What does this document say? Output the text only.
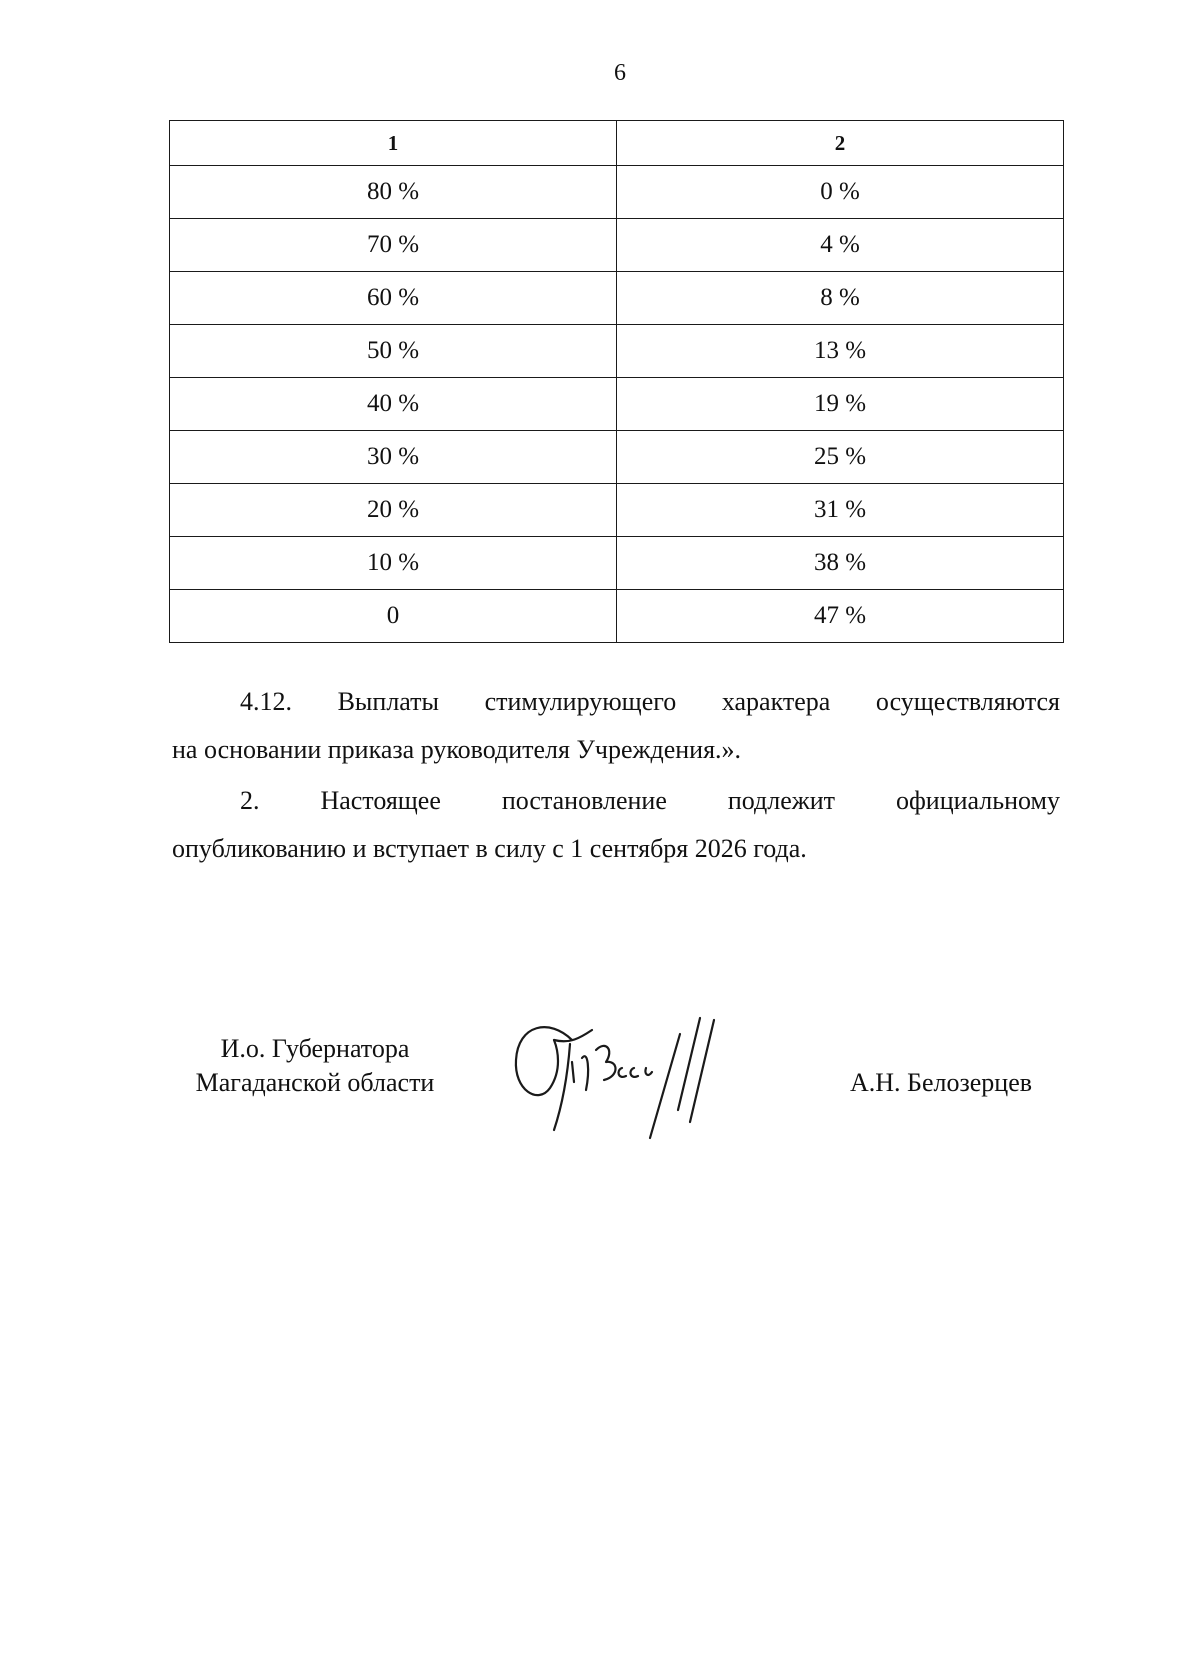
6
1	2
80 %	0 %
70 %	4 %
60 %	8 %
50 %	13 %
40 %	19 %
30 %	25 %
20 %	31 %
10 %	38 %
0	47 %
4.12. Выплаты стимулирующего характера осуществляются
на основании приказа руководителя Учреждения.».
2. Настоящее постановление подлежит официальному
опубликованию и вступает в силу с 1 сентября 2026 года.
И.о. Губернатора
Магаданской области	А.Н. Белозерцев
